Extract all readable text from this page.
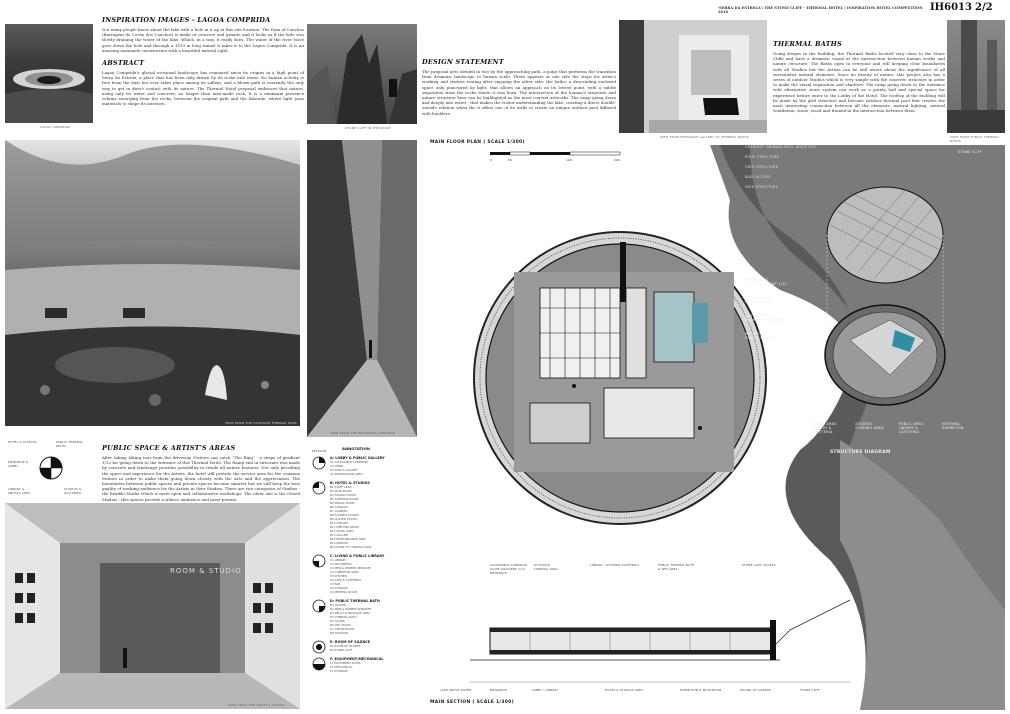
'SERRA DA ESTRELA': THE STONE CLIFF - THERMAL HOTEL | INSPIRATION HOTEL COMPETITION 2016	IH6013 2/2
LAGOA COMPRIDA
INSPIRATION IMAGES - LAGOA COMPRIDA
Not many people know about the lake with a hole in it up in this site location. The Dam of Conchos (Barragem do Covão dos Conchos) is made of concrete and granite and it looks as if the hole was slowly draining the water of the lake. Which, in a way, it really does. The water of the river Nave goes down the hole and through a 1519 m long tunnel it takes it to the Lagoa Comprida. It is an amazing manmade construction with a beautiful natural sight.
ABSTRACT
Lagoa Comprida's glacial erosional landscape has remained since its origins in a high point of Serra da Estrela, a place that has been only drawn by its rocks and water. No human activity is free from the dust but ever takes place among its valleys, and a blown path is currently the only way to get in direct contact with its nature. The Thermal Hotel proposal embraces that nature, using only its water and concrete; no longer than man-made rock. It is a minimum presence volume emerging from the rocks, between the original path and the lakeside, where light joins materials to shape its interiors.
STONE CLIFF IN THE RIDGE
DESIGN STATEMENT
The proposal gets divided in two by the approaching path, a point that performs the transition from dramatic landscape to human scale. There appears at one side the steps for artist's working and visitors resting after enjoying the other side: the baths; a descending enclosed space only punctured by light, that allows an approach on its lowest point, with a subtle separation from the rocks where it was born. The intersection of the human's structure and nature structure here can be highlighted as the most content artworks. The ramp going down and deeply into water - that makes the visitor understanding the lake, creating a direct double-outside relation when the it offers one of its walls to create an unique outdoor pool diffused with boulders.
VIEW FROM ENTRANCE GALLERY TO THERMAL BATHS
THERMAL BATHS
Going deeper in the building, the Thermal Baths located very close to the Stone Cliffs and have a dramatic vision at the intersection between human works and nature structure. The Baths open to everyone and will keeping clear boundaries with all Studios but the Artists can be still aware about the significance of all surrounded natural elements. Since no beauty of nature, this project also has a series of outdoor Studios which is very simple with the concrete structure in order to make the visual separation and shadows. The ramp going down to the entrance with alternative stone system can work as a pointy hall and special space for experience before enter to the Lobby of the Hotel. The rooftop of the building will be made by the grid structure and become outdoor thermal pool that creates the most interesting connection between all the elements: natural lighting, natural ventilation, stone, wood and framed in the intersection between them.
VIEW FROM PUBLIC THERMAL BATHS
VIEW FROM THE OUTDOOR THERMAL POOL
VIEW FROM THE ENTRANCE CORRIDOR
HOTEL & STUDIOS	PUBLIC THERMAL BATHS
ENTRANCE & LOBBY
LIBRARY & ARTISTS AREA
STUDIOS & GALLERIES
PUBLIC SPACE & ARTIST'S AREAS
After taking hiking tour from the driveway. Visitors can catch "The Ring" - a stripe of gradient 1/12 for going down to the entrance of this Thermal Hotel. The Ramp end in structure was made by concrete and landscape provides possibility to reside all nature features. Not only providing the space and experience for the Artists, the hotel will provide the service area for the common visitors in order to make them going down closely with the Arts and the appreciation. The boundaries between public spaces and private spaces become smarter but we still keep the best quality of working ambience for the Artists in their Studios. There are two categories of Studios - the flexible Studio which is more open and collaborative workshops. The other one is the closed Studios - this spaces provide a silence ambience and more private.
ROOM & STUDIO
VIEW FROM THE ARTIST'S STUDIO
KEYPLAN	ANNOTATION
A: LOBBY & PUBLIC GALLERY
A1 ACCESSIBLE CORRIDOR
A2 LOBBY
A3 PUBLIC GALLERY
A4 INFORMATION AREA
B: HOTEL & STUDIOS
B1 STAFF AREA
B2 MAIN ROOM
B3 DOUBLE ROOM
B4 SUPERIOR ROOM
B5 SINGLE ROOM
B6 STORAGE
B7 LAUNDRY
B8 FLEXIBLE STUDIO
B9 CLOSED STUDIO
B10 ATELIER
B11 MEETING ROOM
B12 WORK AREA
B13 GALLERY
B14 PERFORMANCE AREA
B15 SERVICE
B16 RAMP TO THERMAL POOL
C: LIVING & PUBLIC LIBRARY
C1 LIBRARY
C2 MULTIMEDIA
C3 MEN & WOMEN SEPARATE
C4 COMPUTER AREA
C5 KITCHEN
C6 CAFE & CAFETERIA
C7 BAR
C8 STORAGE
C9 MEETING ROOM
D: PUBLIC THERMAL BATH
D1 LOCKER
D2 MEN & WOMEN SEPARATE
D3 RELAX & MASSAGE AREA
D4 THERMAL BATH
D5 SAUNA
D6 HOT ROOM
D7 STEAM ROOM
D8 STORAGE
E: ROOM OF SILENCE
E1 ROOM OF SILENCE
E2 STONE CLIFF
F: EQUIPMENT/MECHANICAL
F1 EQUIPMENT ROOM
F2 MECHANICAL
F3 STORAGE
MAIN FLOOR PLAN ( SCALE 1/300)
0	50	100	200
OUTDOOR THERMAL POOL (ROOFTOP)
ROOF STRUCTURE
GRID STRUCTURE
BASE ACCESS
GRID STRUCTURE
STONE CLIFF
STONE RING
SLOPE GRADIENT 1/12
OPEN STUDIOS
FLEXIBLE AREA
HOTEL ROOMS
BEDROOM PER ROOM
RECEPTION
PUBLIC GALLERY
PUBLIC AREA
LIBRARY & CAFETERIA
STUDIOS
FLEXIBLE AREA
PUBLIC AREA
LIBRARY & CAFETERIA
INTERNAL EXHIBITION
STRUCTURE DIAGRAM
ACCESSIBLE CORRIDOR
SLOPE GRADIENT 1/12
ENTRANCE
OUTDOOR
THERMAL POOL
LIBRARY / KITCHEN/ CAFETERIA	PUBLIC THERMAL BATH
& WET AREA
STONE CLIFF ACCESS
LAKE ABOVE WATER	ENTRANCE	LOBBY / LIBRARY	HOTEL & STUDIOS AREA	EXHIBITION & MULTIROOM	ROOMS OF SILENCE	STONE CLIFF
MAIN SECTION ( SCALE 1/300)
